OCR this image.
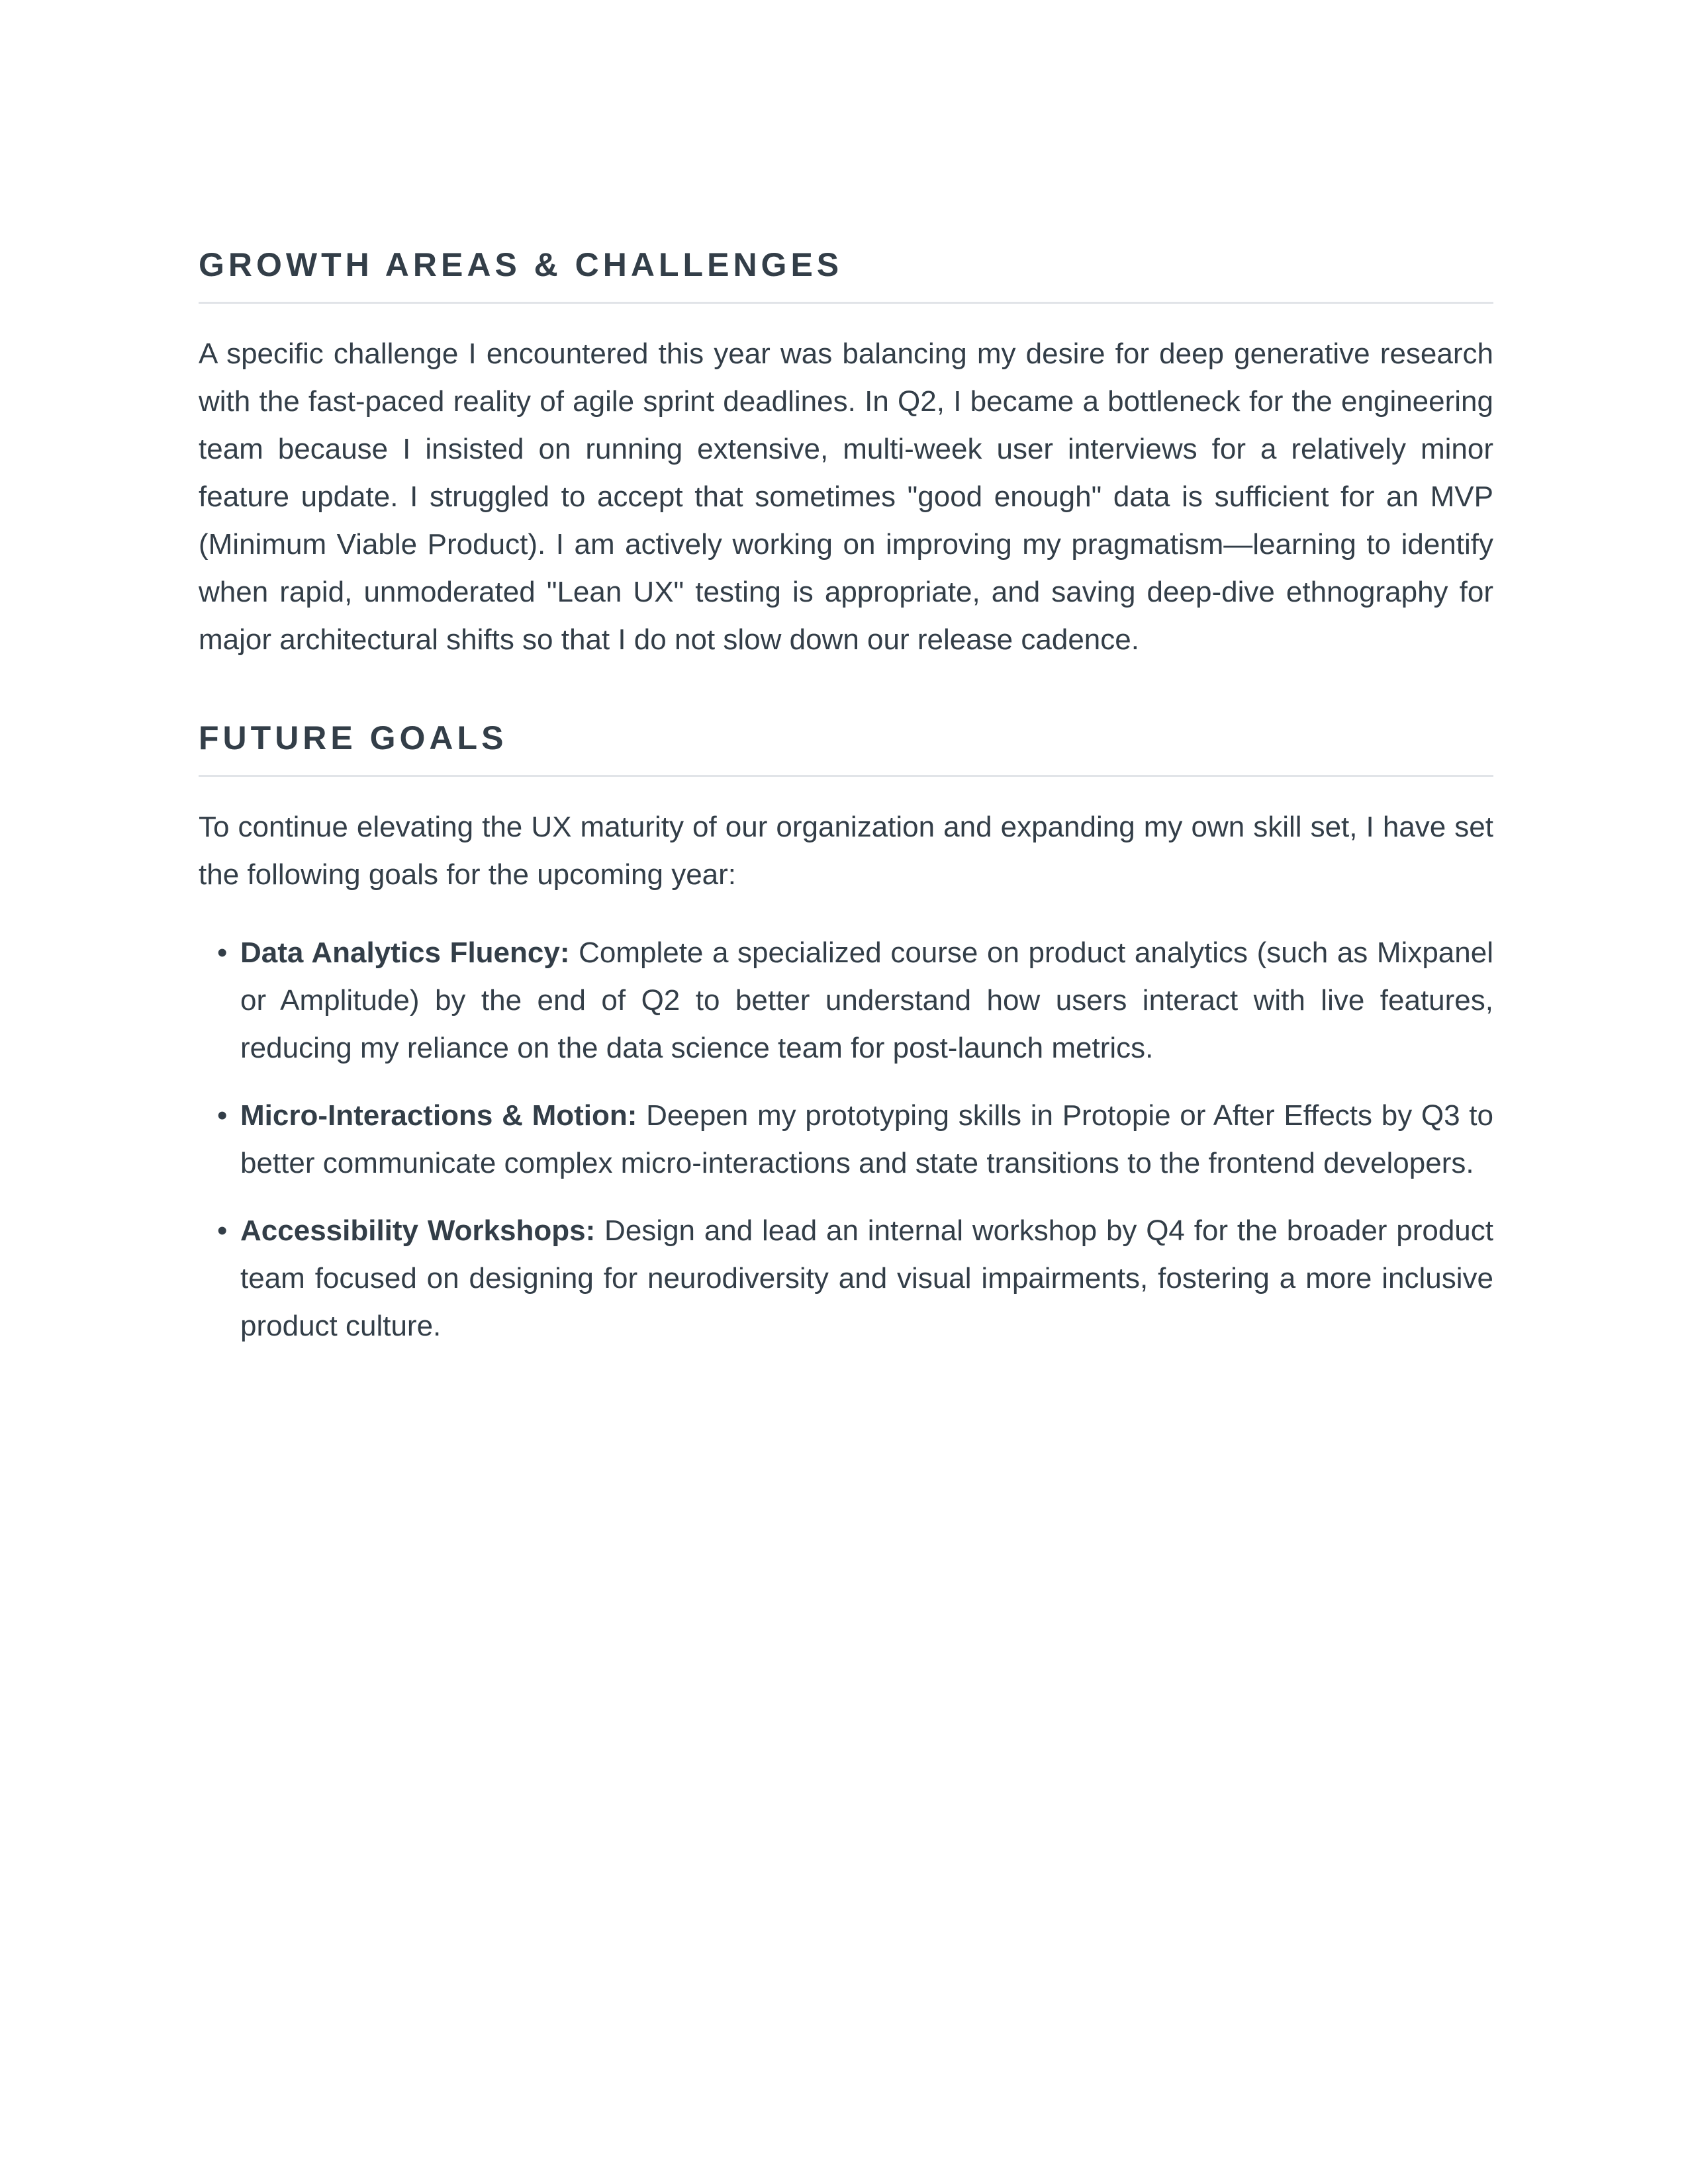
GROWTH AREAS & CHALLENGES

A specific challenge I encountered this year was balancing my desire for deep generative research with the fast-paced reality of agile sprint deadlines. In Q2, I became a bottleneck for the engineering team because I insisted on running extensive, multi-week user interviews for a relatively minor feature update. I struggled to accept that sometimes "good enough" data is sufficient for an MVP (Minimum Viable Product). I am actively working on improving my pragmatism—learning to identify when rapid, unmoderated "Lean UX" testing is appropriate, and saving deep-dive ethnography for major architectural shifts so that I do not slow down our release cadence.

FUTURE GOALS

To continue elevating the UX maturity of our organization and expanding my own skill set, I have set the following goals for the upcoming year:

• Data Analytics Fluency: Complete a specialized course on product analytics (such as Mixpanel or Amplitude) by the end of Q2 to better understand how users interact with live features, reducing my reliance on the data science team for post-launch metrics.
• Micro-Interactions & Motion: Deepen my prototyping skills in Protopie or After Effects by Q3 to better communicate complex micro-interactions and state transitions to the frontend developers.
• Accessibility Workshops: Design and lead an internal workshop by Q4 for the broader product team focused on designing for neurodiversity and visual impairments, fostering a more inclusive product culture.
